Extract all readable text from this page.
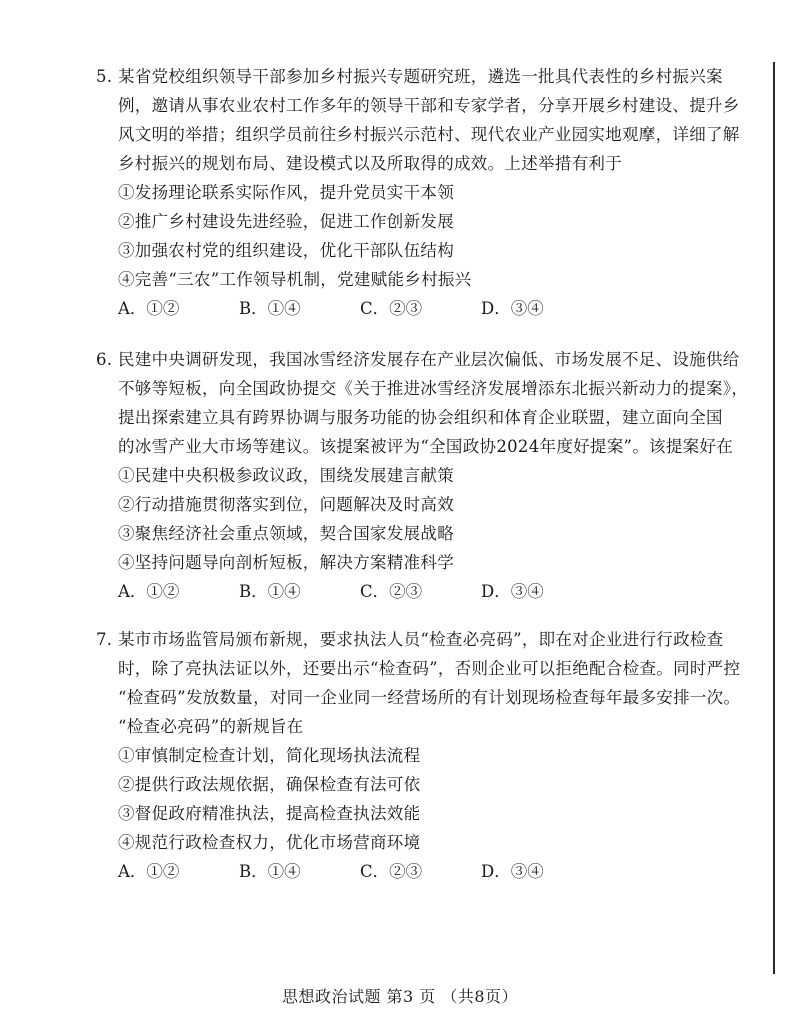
5. 某省党校组织领导干部参加乡村振兴专题研究班，遴选一批具代表性的乡村振兴案
例，邀请从事农业农村工作多年的领导干部和专家学者，分享开展乡村建设、提升乡
风文明的举措；组织学员前往乡村振兴示范村、现代农业产业园实地观摩，详细了解
乡村振兴的规划布局、建设模式以及所取得的成效。上述举措有利于
①发扬理论联系实际作风，提升党员实干本领
②推广乡村建设先进经验，促进工作创新发展
③加强农村党的组织建设，优化干部队伍结构
④完善“三农”工作领导机制，党建赋能乡村振兴
A．①②	B．①④	C．②③	D．③④
6. 民建中央调研发现，我国冰雪经济发展存在产业层次偏低、市场发展不足、设施供给
不够等短板，向全国政协提交《关于推进冰雪经济发展增添东北振兴新动力的提案》，
提出探索建立具有跨界协调与服务功能的协会组织和体育企业联盟，建立面向全国
的冰雪产业大市场等建议。该提案被评为“全国政协2024年度好提案”。该提案好在
①民建中央积极参政议政，围绕发展建言献策
②行动措施贯彻落实到位，问题解决及时高效
③聚焦经济社会重点领域，契合国家发展战略
④坚持问题导向剖析短板，解决方案精准科学
A．①②	B．①④	C．②③	D．③④
7. 某市市场监管局颁布新规，要求执法人员“检查必亮码”，即在对企业进行行政检查
时，除了亮执法证以外，还要出示“检查码”，否则企业可以拒绝配合检查。同时严控
“检查码”发放数量，对同一企业同一经营场所的有计划现场检查每年最多安排一次。
“检查必亮码”的新规旨在
①审慎制定检查计划，简化现场执法流程
②提供行政法规依据，确保检查有法可依
③督促政府精准执法，提高检查执法效能
④规范行政检查权力，优化市场营商环境
A．①②	B．①④	C．②③	D．③④
思想政治试题 第3 页 （共8页）
